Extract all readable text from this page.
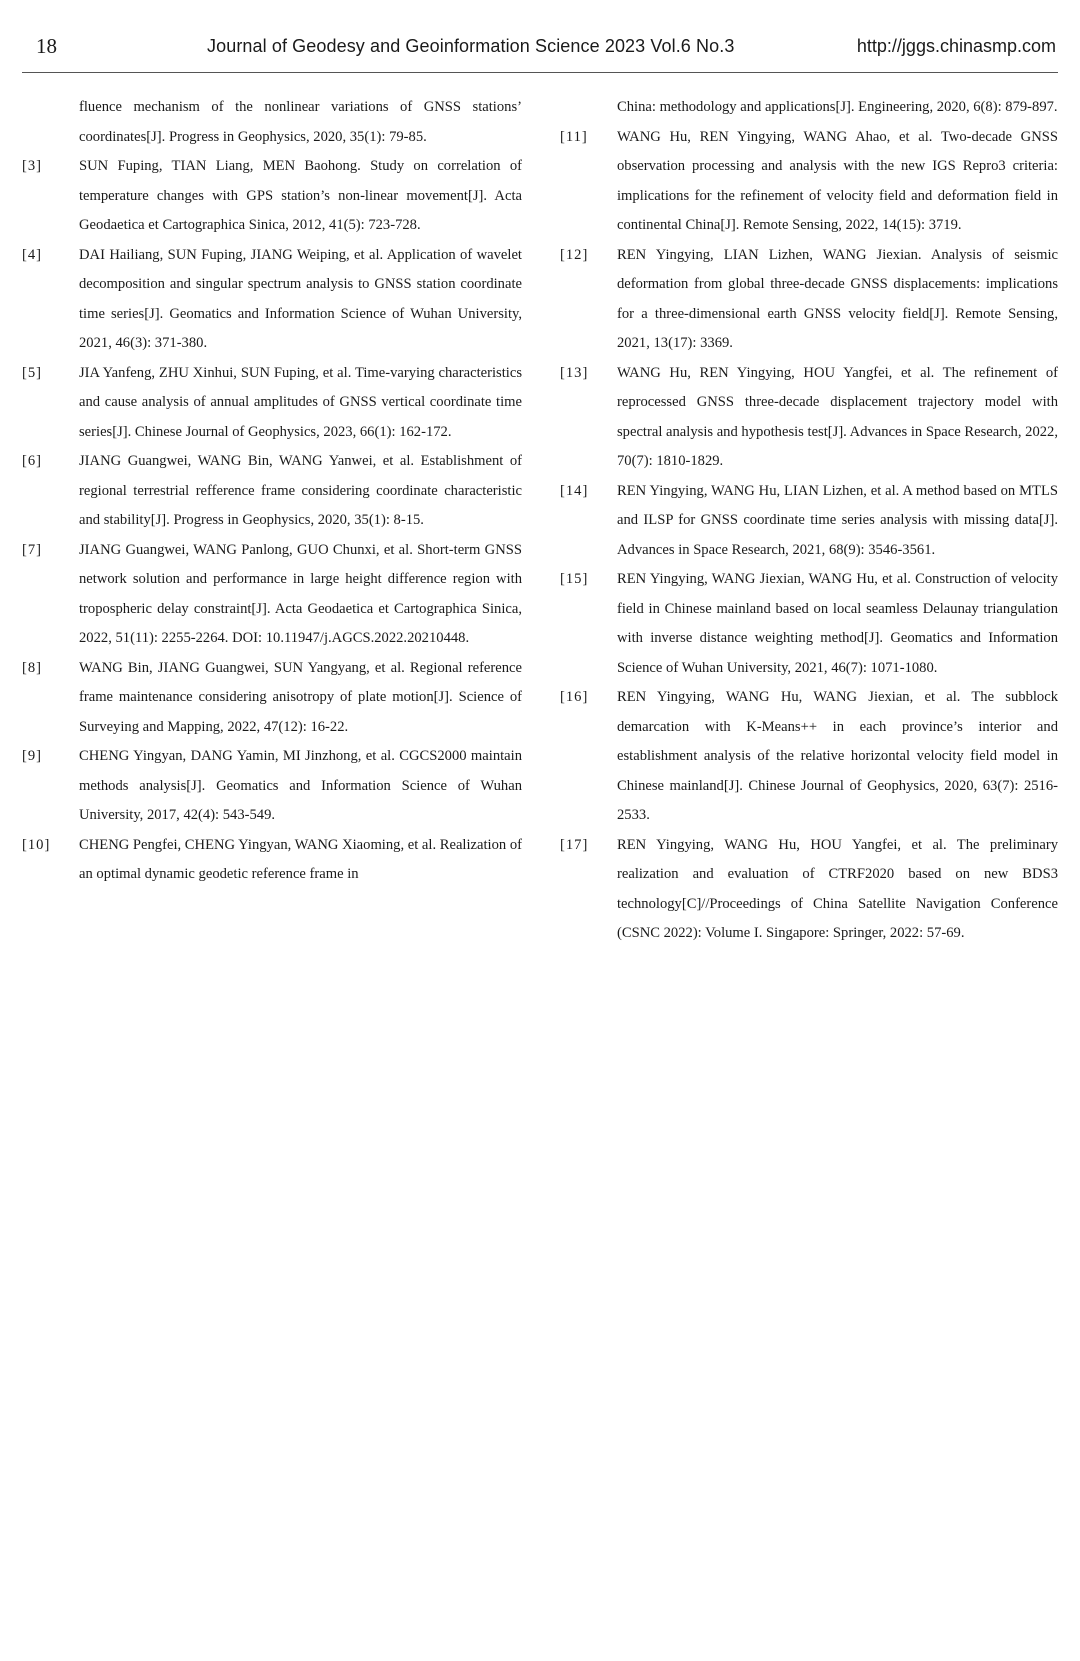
18	Journal of Geodesy and Geoinformation Science 2023 Vol.6 No.3	http://jggs.chinasmp.com
fluence mechanism of the nonlinear variations of GNSS stations’ coordinates[J]. Progress in Geophysics, 2020, 35(1): 79-85.
[3]	SUN Fuping, TIAN Liang, MEN Baohong. Study on correlation of temperature changes with GPS station’s non-linear movement[J]. Acta Geodaetica et Cartographica Sinica, 2012, 41(5): 723-728.
[4]	DAI Hailiang, SUN Fuping, JIANG Weiping, et al. Application of wavelet decomposition and singular spectrum analysis to GNSS station coordinate time series[J]. Geomatics and Information Science of Wuhan University, 2021, 46(3): 371-380.
[5]	JIA Yanfeng, ZHU Xinhui, SUN Fuping, et al. Time-varying characteristics and cause analysis of annual amplitudes of GNSS vertical coordinate time series[J]. Chinese Journal of Geophysics, 2023, 66(1): 162-172.
[6]	JIANG Guangwei, WANG Bin, WANG Yanwei, et al. Establishment of regional terrestrial refference frame considering coordinate characteristic and stability[J]. Progress in Geophysics, 2020, 35(1): 8-15.
[7]	JIANG Guangwei, WANG Panlong, GUO Chunxi, et al. Short-term GNSS network solution and performance in large height difference region with tropospheric delay constraint[J]. Acta Geodaetica et Cartographica Sinica, 2022, 51(11): 2255-2264. DOI: 10.11947/j.AGCS.2022.20210448.
[8]	WANG Bin, JIANG Guangwei, SUN Yangyang, et al. Regional reference frame maintenance considering anisotropy of plate motion[J]. Science of Surveying and Mapping, 2022, 47(12): 16-22.
[9]	CHENG Yingyan, DANG Yamin, MI Jinzhong, et al. CGCS2000 maintain methods analysis[J]. Geomatics and Information Science of Wuhan University, 2017, 42(4): 543-549.
[10] CHENG Pengfei, CHENG Yingyan, WANG Xiaoming, et al. Realization of an optimal dynamic geodetic reference frame in
China: methodology and applications[J]. Engineering, 2020, 6(8): 879-897.
[11] WANG Hu, REN Yingying, WANG Ahao, et al. Two-decade GNSS observation processing and analysis with the new IGS Repro3 criteria: implications for the refinement of velocity field and deformation field in continental China[J]. Remote Sensing, 2022, 14(15): 3719.
[12] REN Yingying, LIAN Lizhen, WANG Jiexian. Analysis of seismic deformation from global three-decade GNSS displacements: implications for a three-dimensional earth GNSS velocity field[J]. Remote Sensing, 2021, 13(17): 3369.
[13] WANG Hu, REN Yingying, HOU Yangfei, et al. The refinement of reprocessed GNSS three-decade displacement trajectory model with spectral analysis and hypothesis test[J]. Advances in Space Research, 2022, 70(7): 1810-1829.
[14] REN Yingying, WANG Hu, LIAN Lizhen, et al. A method based on MTLS and ILSP for GNSS coordinate time series analysis with missing data[J]. Advances in Space Research, 2021, 68(9): 3546-3561.
[15] REN Yingying, WANG Jiexian, WANG Hu, et al. Construction of velocity field in Chinese mainland based on local seamless Delaunay triangulation with inverse distance weighting method[J]. Geomatics and Information Science of Wuhan University, 2021, 46(7): 1071-1080.
[16] REN Yingying, WANG Hu, WANG Jiexian, et al. The subblock demarcation with K-Means++ in each province’s interior and establishment analysis of the relative horizontal velocity field model in Chinese mainland[J]. Chinese Journal of Geophysics, 2020, 63(7): 2516-2533.
[17] REN Yingying, WANG Hu, HOU Yangfei, et al. The preliminary realization and evaluation of CTRF2020 based on new BDS3 technology[C]//Proceedings of China Satellite Navigation Conference (CSNC 2022): Volume I. Singapore: Springer, 2022: 57-69.
